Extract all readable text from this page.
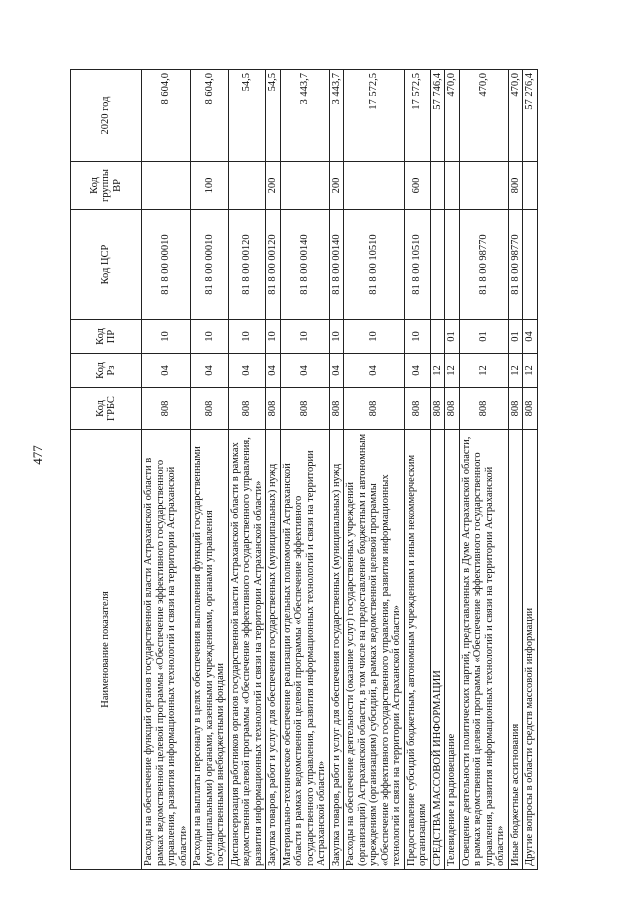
477
Наименование показателя	Код ГРБС	Код Рз	Код ПР	Код ЦСР	Код группы ВР	2020 год
Расходы на обеспечение функций органов государственной власти Астраханской области в рамках ведомственной целевой программы «Обеспечение эффективного государственного управления, развития информационных технологий и связи на территории Астраханской области»	808	04	10	81 8 00 00010		8 604,0
Расходы на выплаты персоналу в целях обеспечения выполнения функций государственными (муниципальными) органами, казенными учреждениями, органами управления государственными внебюджетными фондами	808	04	10	81 8 00 00010	100	8 604,0
Диспансеризация работников органов государственной власти Астраханской области в рамках ведомственной целевой программы «Обеспечение эффективного государственного управления, развития информационных технологий и связи на территории Астраханской области»	808	04	10	81 8 00 00120		54,5
Закупка товаров, работ и услуг для обеспечения государственных (муниципальных) нужд	808	04	10	81 8 00 00120	200	54,5
Материально-техническое обеспечение реализации отдельных полномочий Астраханской области в рамках ведомственной целевой программы «Обеспечение эффективного государственного управления, развития информационных технологий и связи на территории Астраханской области»	808	04	10	81 8 00 00140		3 443,7
Закупка товаров, работ и услуг для обеспечения государственных (муниципальных) нужд	808	04	10	81 8 00 00140	200	3 443,7
Расходы на обеспечение деятельности (оказание услуг) государственных учреждений (организаций) Астраханской области, в том числе на предоставление бюджетным и автономным учреждениям (организациям) субсидий, в рамках ведомственной целевой программы «Обеспечение эффективного государственного управления, развития информационных технологий и связи на территории Астраханской области»	808	04	10	81 8 00 10510		17 572,5
Предоставление субсидий бюджетным, автономным учреждениям и иным некоммерческим организациям	808	04	10	81 8 00 10510	600	17 572,5
СРЕДСТВА МАССОВОЙ ИНФОРМАЦИИ	808	12				57 746,4
Телевидение и радиовещание	808	12	01			470,0
Освещение деятельности политических партий, представленных в Думе Астраханской области, в рамках ведомственной целевой программы «Обеспечение эффективного государственного управления, развития информационных технологий и связи на территории Астраханской области»	808	12	01	81 8 00 98770		470,0
Иные бюджетные ассигнования	808	12	01	81 8 00 98770	800	470,0
Другие вопросы в области средств массовой информации	808	12	04			57 276,4
